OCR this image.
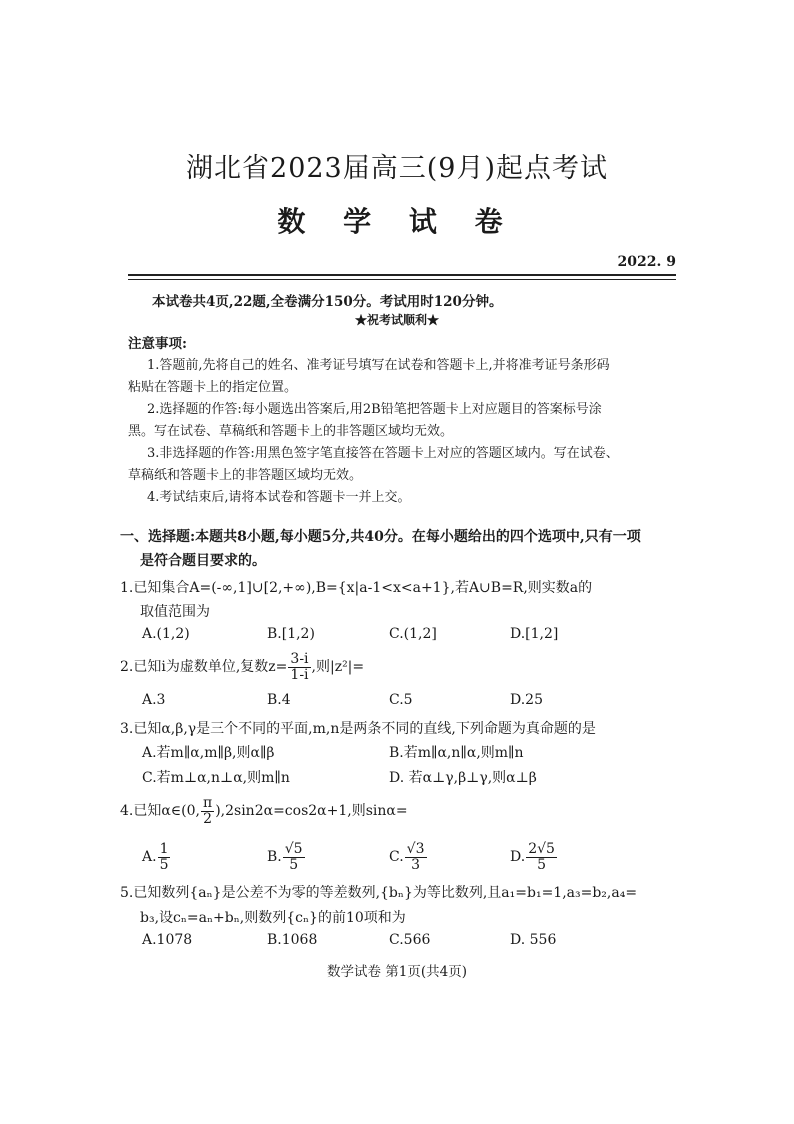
湖北省2023届高三(9月)起点考试
数 学 试 卷
2022. 9
本试卷共4页,22题,全卷满分150分。考试用时120分钟。
★祝考试顺利★
注意事项:
1.答题前,先将自己的姓名、准考证号填写在试卷和答题卡上,并将准考证号条形码
粘贴在答题卡上的指定位置。
2.选择题的作答:每小题选出答案后,用2B铅笔把答题卡上对应题目的答案标号涂
黑。写在试卷、草稿纸和答题卡上的非答题区域均无效。
3.非选择题的作答:用黑色签字笔直接答在答题卡上对应的答题区域内。写在试卷、
草稿纸和答题卡上的非答题区域均无效。
4.考试结束后,请将本试卷和答题卡一并上交。
一、选择题:本题共8小题,每小题5分,共40分。在每小题给出的四个选项中,只有一项
是符合题目要求的。
1.已知集合A=(-∞,1]∪[2,+∞),B={x|a-1<x<a+1},若A∪B=R,则实数a的
取值范围为
A.(1,2)	B.[1,2)	C.(1,2]	D.[1,2]
2.已知i为虚数单位,复数$z= \frac{3-i}{1-i}$ ,则|z²|=
A.3	B.4	C.5	D.25
3.已知α,β,γ是三个不同的平面,m,n是两条不同的直线,下列命题为真命题的是
A.若m∥α,m∥β,则α∥β	B.若m∥α,n∥α,则m∥n
C.若m⊥α,n⊥α,则m∥n	D. 若α⊥γ,β⊥γ,则α⊥β
4.已知α∈(0, $\frac{\pi}{2} ),2\sin 2\alpha=\cos 2\alpha+1$,则sinα=
A. $\frac{1}{5}$	B. $\frac{√5}{5}$	C. $\frac{√3}{3}$	D. $\frac{2√5}{5}$
5.已知数列{aₙ}是公差不为零的等差数列,{bₙ}为等比数列,且a₁=b₁=1,a₃=b₂,a₄=
b₃,设cₙ=aₙ+bₙ,则数列{cₙ}的前10项和为
A.1078	B.1068	C.566	D. 556
数学试卷 第1页(共4页)
